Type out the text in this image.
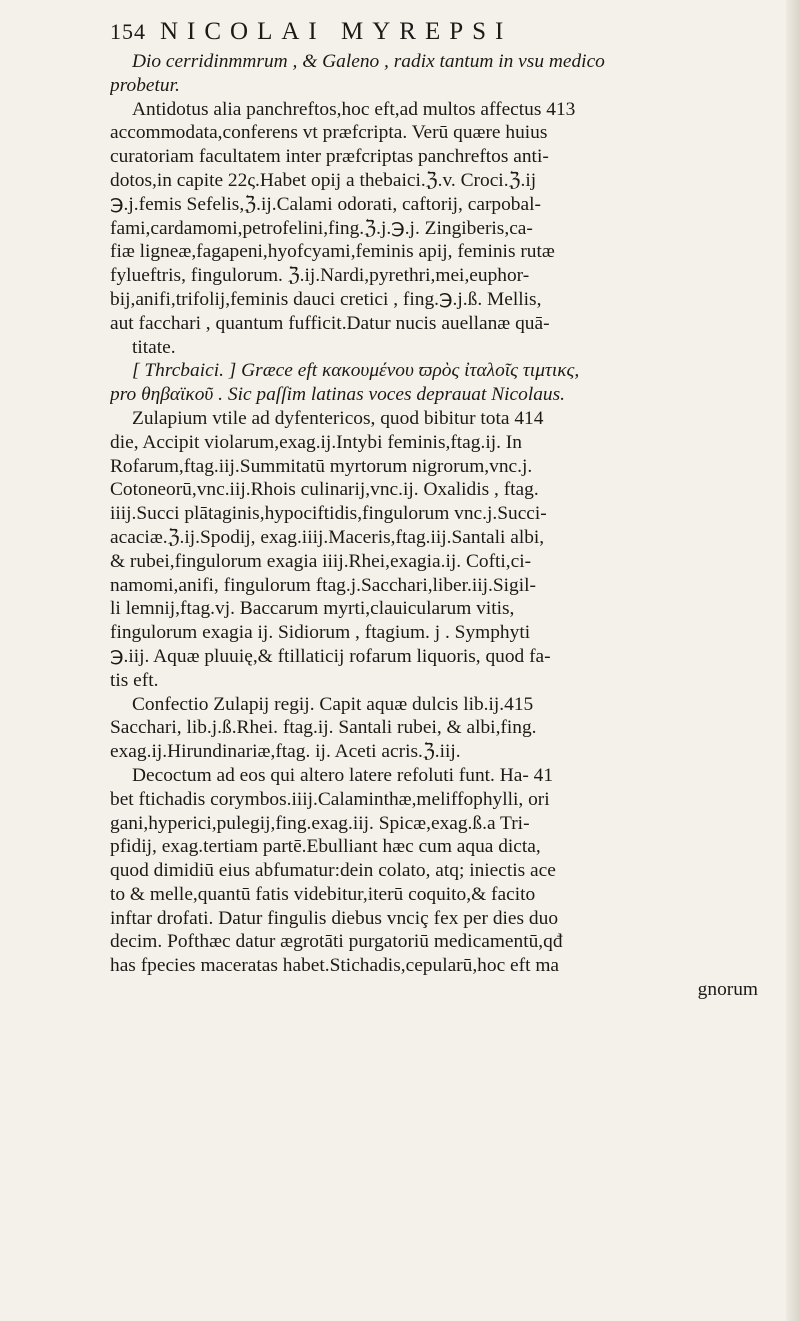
154 NICOLAI MYREPSI

Dio cerridinmmrum , & Galeno , radix tantum in vsu medico
probetur.

Antidotus alia panchreftos,hoc eft,ad multos affectus 413
accommodata,conferens vt præfcripta. Verū quære huius
curatoriam facultatem inter præfcriptas panchreftos anti-
dotos,in capite 22ς.Habet opij a thebaici.ℨ.v. Croci.ℨ.ij
℈.j.femis Sefelis,ℨ.ij.Calami odorati, caftorij, carpobal-
fami,cardamomi,petrofelini,fing.ℨ.j.℈.j. Zingiberis,ca-
fiæ ligneæ,fagapeni,hyofcyami,feminis apij, feminis rutæ
fylueftris, fingulorum. ℨ.ij.Nardi,pyrethri,mei,euphor-
bij,anifi,trifolij,feminis dauci cretici , fing.℈.j.ß. Mellis,
aut facchari , quantum fufficit.Datur nucis auellanæ quā-
titate.

[ Thrcbaici. ] Græce eft κακουμένου ϖρὸς ἰταλοῖς τιμτικς,
pro θηβαϊκοῦ . Sic paſſim latinas voces deprauat Nicolaus.

Zulapium vtile ad dyfentericos, quod bibitur tota 414
die, Accipit violarum,exag.ij.Intybi feminis,ftag.ij. In
Rofarum,ftag.iij.Summitatū myrtorum nigrorum,vnc.j.
Cotoneorū,vnc.iij.Rhois culinarij,vnc.ij. Oxalidis , ftag.
iiij.Succi plātaginis,hypociftidis,fingulorum vnc.j.Succi-
acaciæ.ℨ.ij.Spodij, exag.iiij.Maceris,ftag.iij.Santali albi,
& rubei,fingulorum exagia iiij.Rhei,exagia.ij. Cofti,ci-
namomi,anifi, fingulorum ftag.j.Sacchari,liber.iij.Sigil-
li lemnij,ftag.vj. Baccarum myrti,clauicularum vitis,
fingulorum exagia ij. Sidiorum , ftagium. j . Symphyti
℈.iij. Aquæ pluuię,& ftillaticij rofarum liquoris, quod fa-
tis eft.

Confectio Zulapij regij. Capit aquæ dulcis lib.ij.415
Sacchari, lib.j.ß.Rhei. ftag.ij. Santali rubei, & albi,fing.
exag.ij.Hirundinariæ,ftag. ij. Aceti acris.ℨ.iij.

Decoctum ad eos qui altero latere refoluti funt. Ha- 41
bet ftichadis corymbos.iiij.Calaminthæ,meliffophylli, ori
gani,hyperici,pulegij,fing.exag.iij. Spicæ,exag.ß.a Tri-
pfidij, exag.tertiam partē.Ebulliant hæc cum aqua dicta,
quod dimidiū eius abfumatur:dein colato, atq; iniectis ace
to & melle,quantū fatis videbitur,iterū coquito,& facito
inftar drofati. Datur fingulis diebus vnciç fex per dies duo
decim. Pofthæc datur ægrotāti purgatoriū medicamentū,qđ
has fpecies maceratas habet.Stichadis,cepularū,hoc eft ma
gnorum
